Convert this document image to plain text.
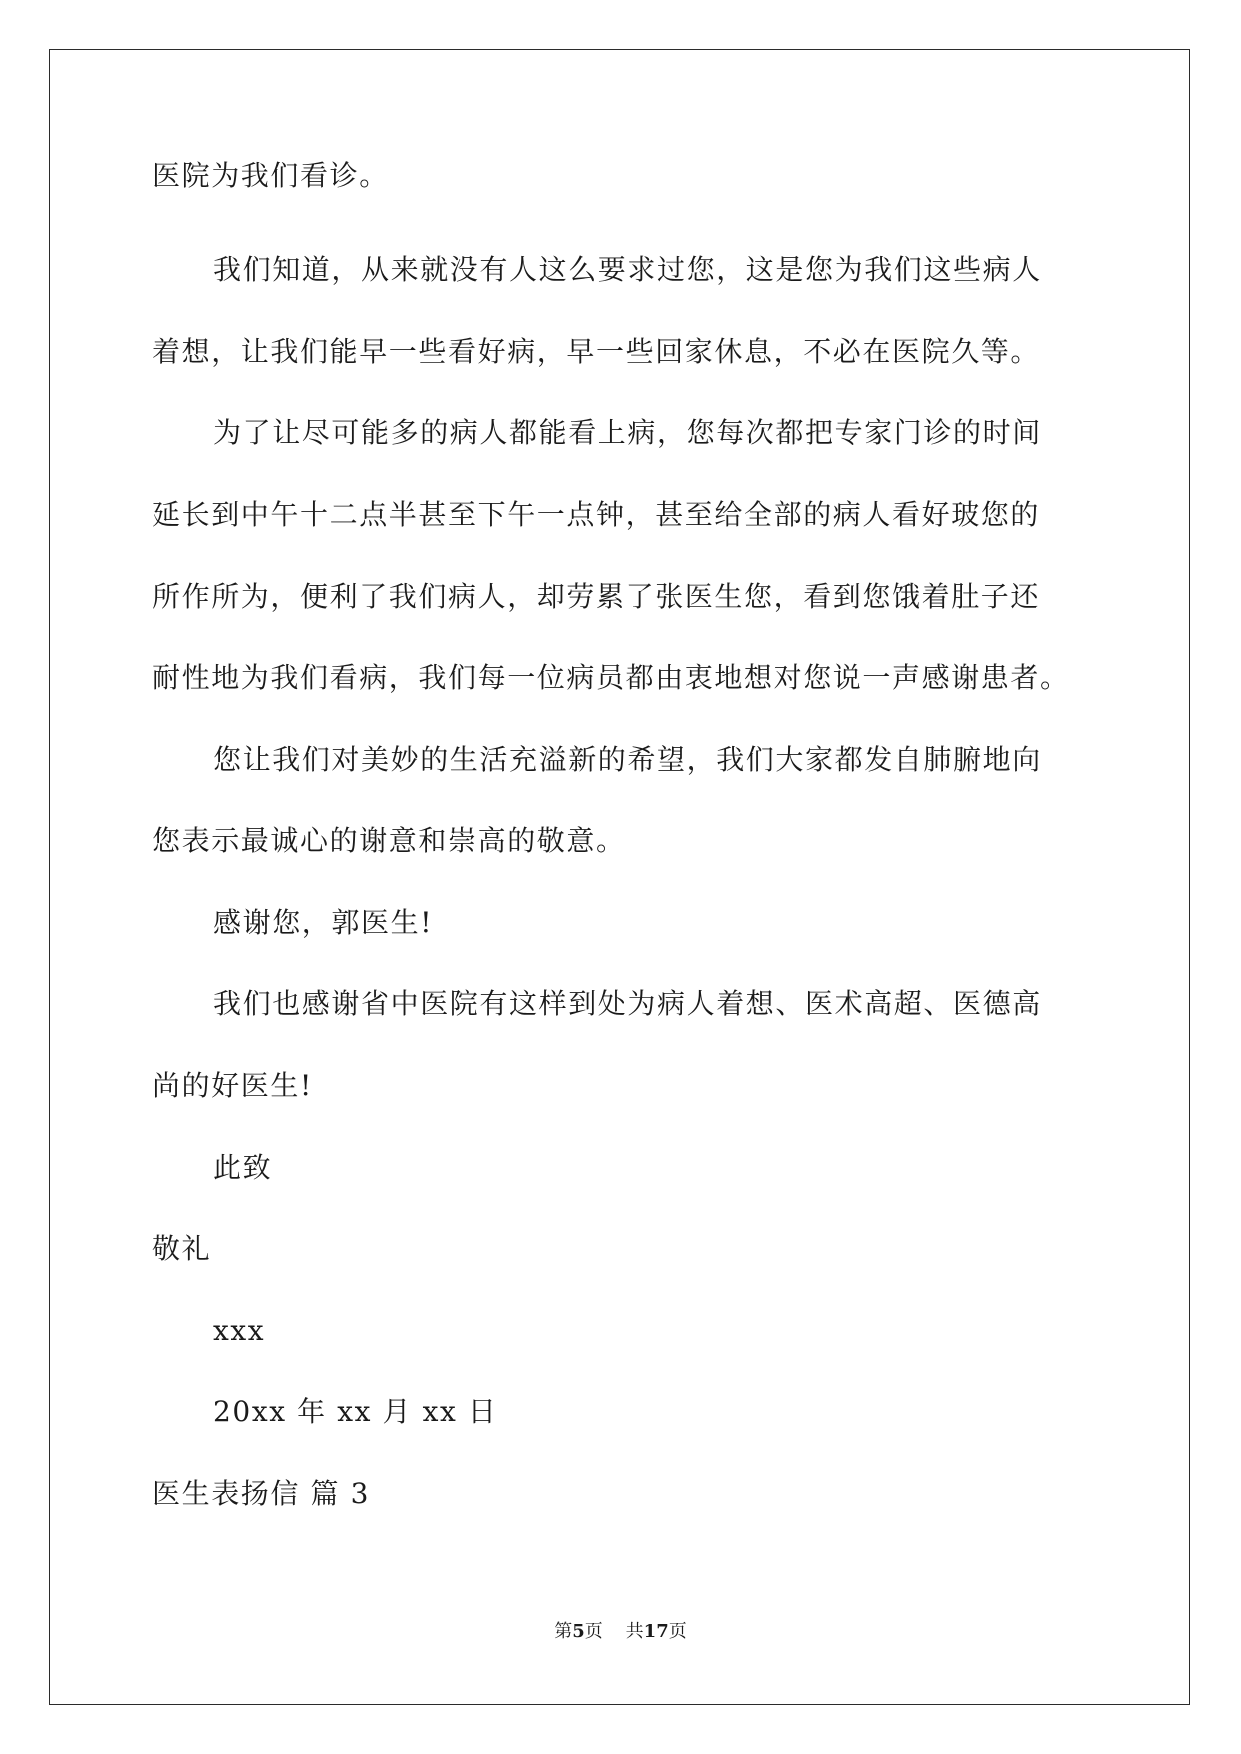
医院为我们看诊。
我们知道，从来就没有人这么要求过您，这是您为我们这些病人
着想，让我们能早一些看好病，早一些回家休息，不必在医院久等。
为了让尽可能多的病人都能看上病，您每次都把专家门诊的时间
延长到中午十二点半甚至下午一点钟，甚至给全部的病人看好玻您的
所作所为，便利了我们病人，却劳累了张医生您，看到您饿着肚子还
耐性地为我们看病，我们每一位病员都由衷地想对您说一声感谢患者。
您让我们对美妙的生活充溢新的希望，我们大家都发自肺腑地向
您表示最诚心的谢意和崇高的敬意。
感谢您，郭医生!
我们也感谢省中医院有这样到处为病人着想、医术高超、医德高
尚的好医生!
此致
敬礼
xxx
20xx 年 xx 月 xx 日
医生表扬信 篇 3
第5页 共17页
